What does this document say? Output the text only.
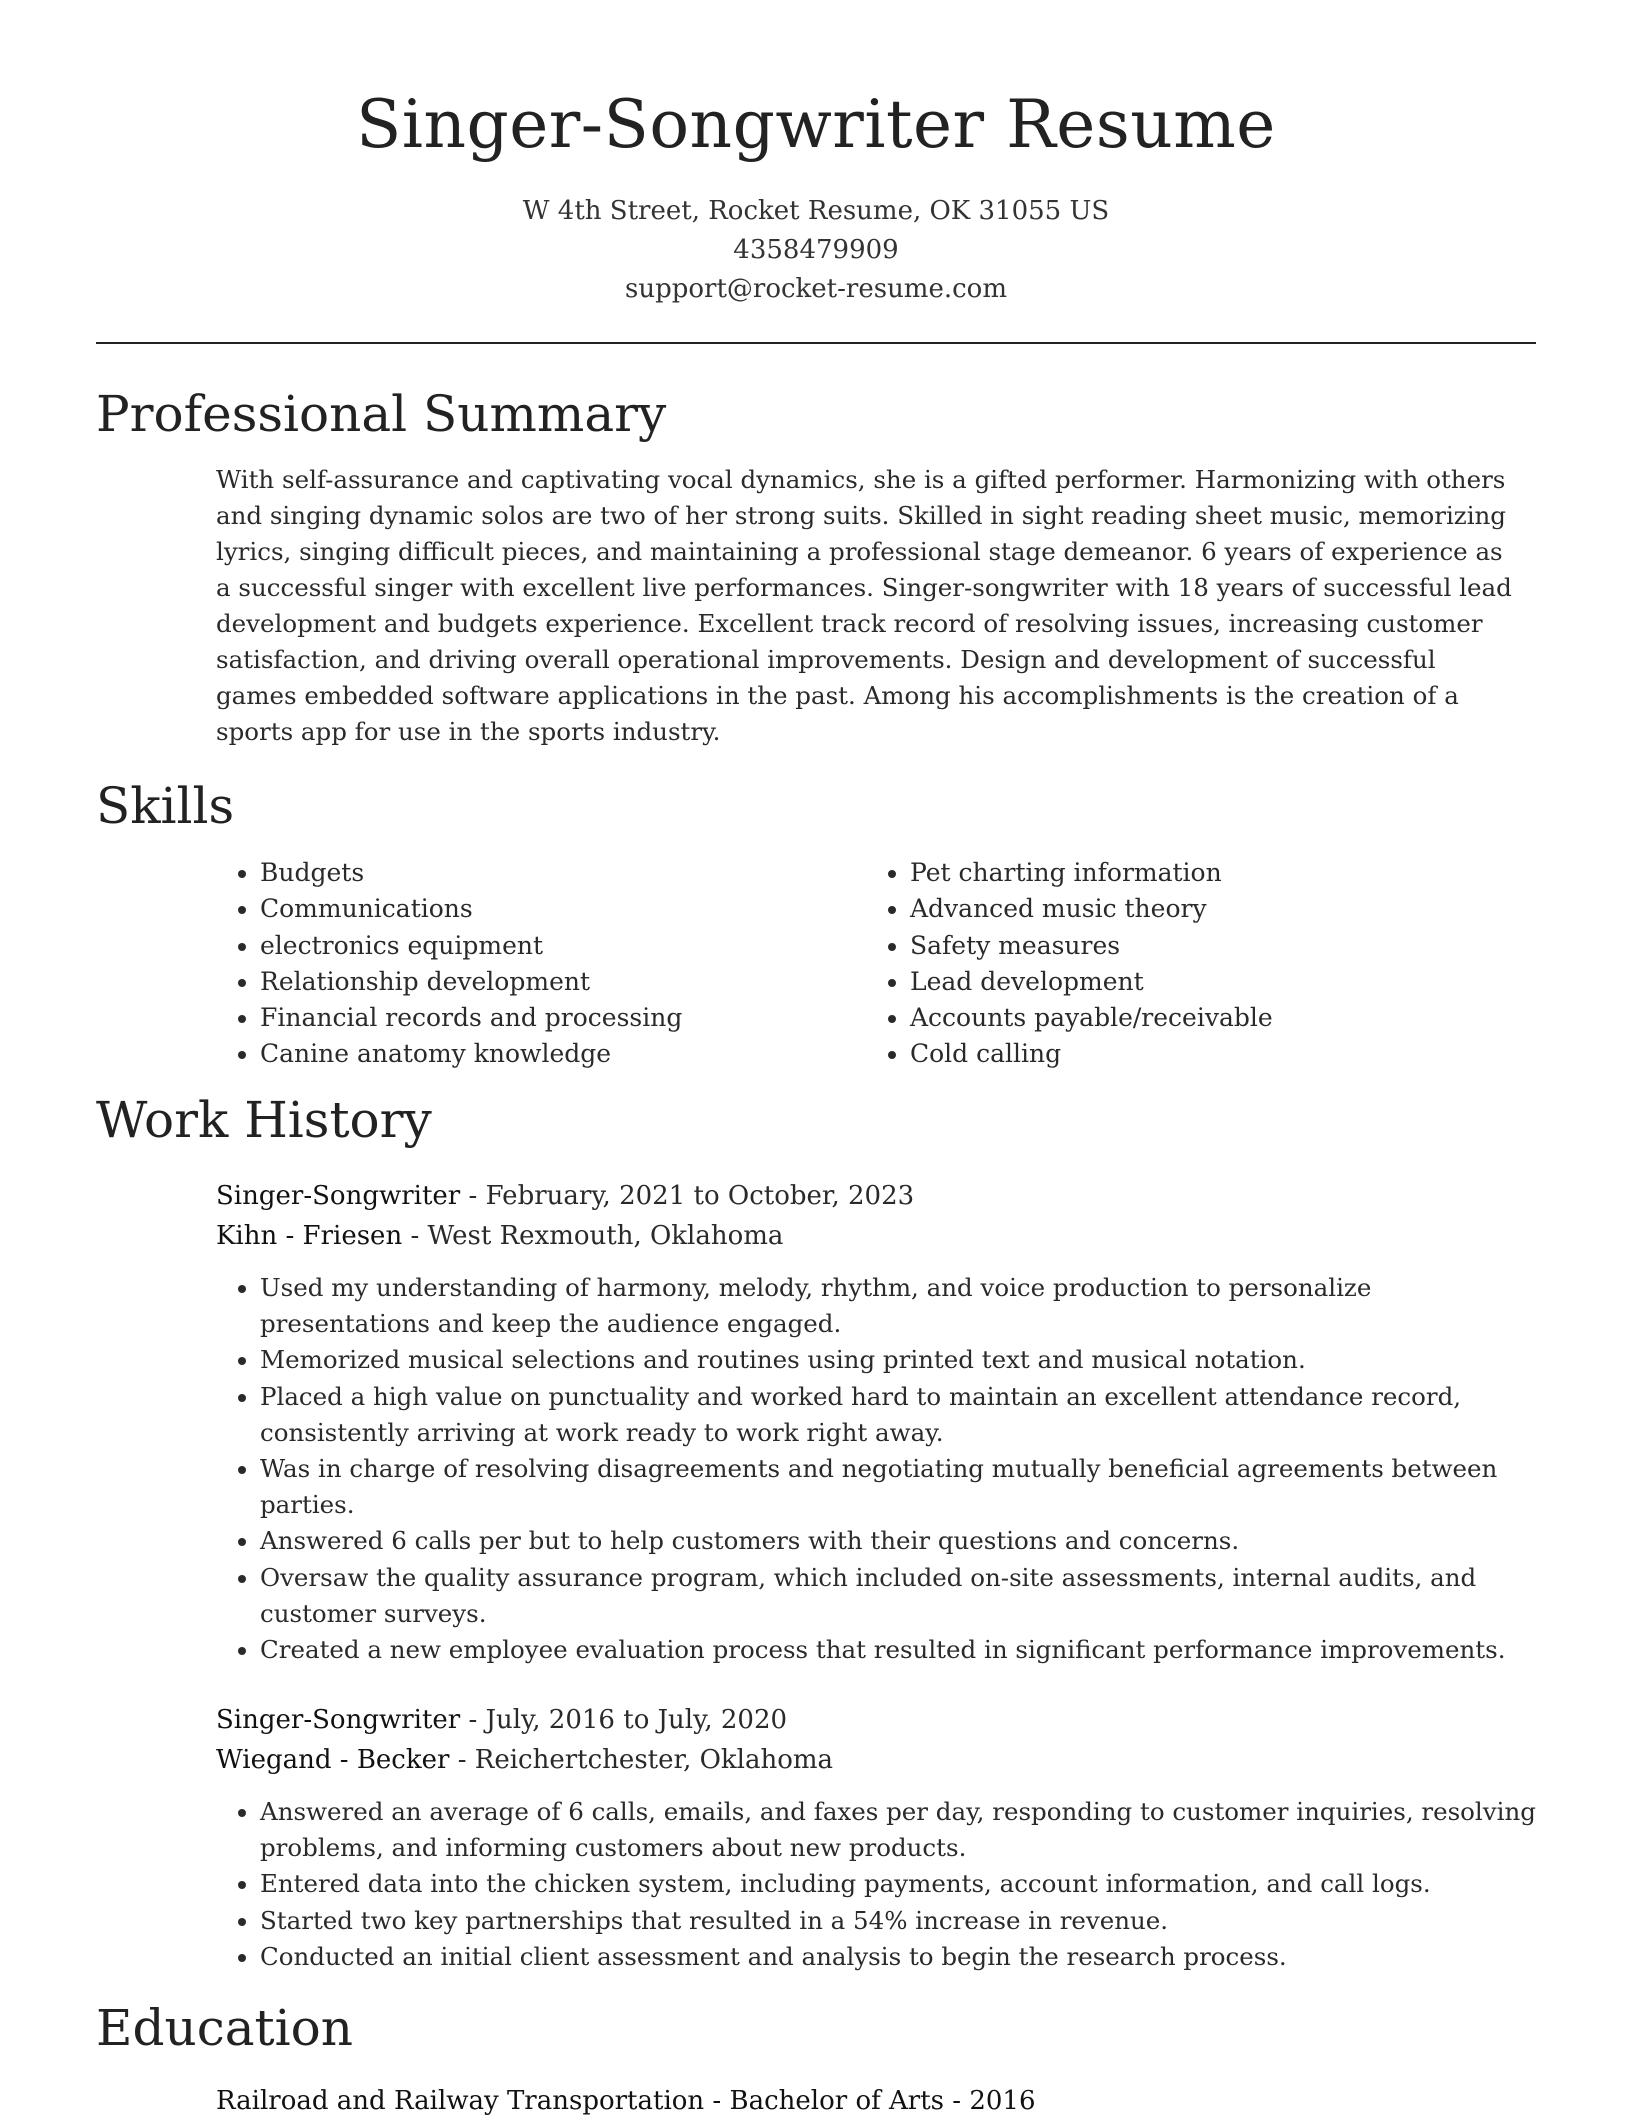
Singer-Songwriter Resume
W 4th Street, Rocket Resume, OK 31055 US
4358479909
support@rocket-resume.com
Professional Summary

With self-assurance and captivating vocal dynamics, she is a gifted performer. Harmonizing with others and singing dynamic solos are two of her strong suits. Skilled in sight reading sheet music, memorizing lyrics, singing difficult pieces, and maintaining a professional stage demeanor. 6 years of experience as a successful singer with excellent live performances. Singer-songwriter with 18 years of successful lead development and budgets experience. Excellent track record of resolving issues, increasing customer satisfaction, and driving overall operational improvements. Design and development of successful games embedded software applications in the past. Among his accomplishments is the creation of a sports app for use in the sports industry.

Skills
• Budgets
• Communications
• electronics equipment
• Relationship development
• Financial records and processing
• Canine anatomy knowledge
• Pet charting information
• Advanced music theory
• Safety measures
• Lead development
• Accounts payable/receivable
• Cold calling
Work History
Singer-Songwriter - February, 2021 to October, 2023
Kihn - Friesen - West Rexmouth, Oklahoma
• Used my understanding of harmony, melody, rhythm, and voice production to personalize presentations and keep the audience engaged.
• Memorized musical selections and routines using printed text and musical notation.
• Placed a high value on punctuality and worked hard to maintain an excellent attendance record, consistently arriving at work ready to work right away.
• Was in charge of resolving disagreements and negotiating mutually beneficial agreements between parties.
• Answered 6 calls per but to help customers with their questions and concerns.
• Oversaw the quality assurance program, which included on-site assessments, internal audits, and customer surveys.
• Created a new employee evaluation process that resulted in significant performance improvements.
Singer-Songwriter - July, 2016 to July, 2020
Wiegand - Becker - Reichertchester, Oklahoma
• Answered an average of 6 calls, emails, and faxes per day, responding to customer inquiries, resolving problems, and informing customers about new products.
• Entered data into the chicken system, including payments, account information, and call logs.
• Started two key partnerships that resulted in a 54% increase in revenue.
• Conducted an initial client assessment and analysis to begin the research process.
Education
Railroad and Railway Transportation - Bachelor of Arts - 2016
